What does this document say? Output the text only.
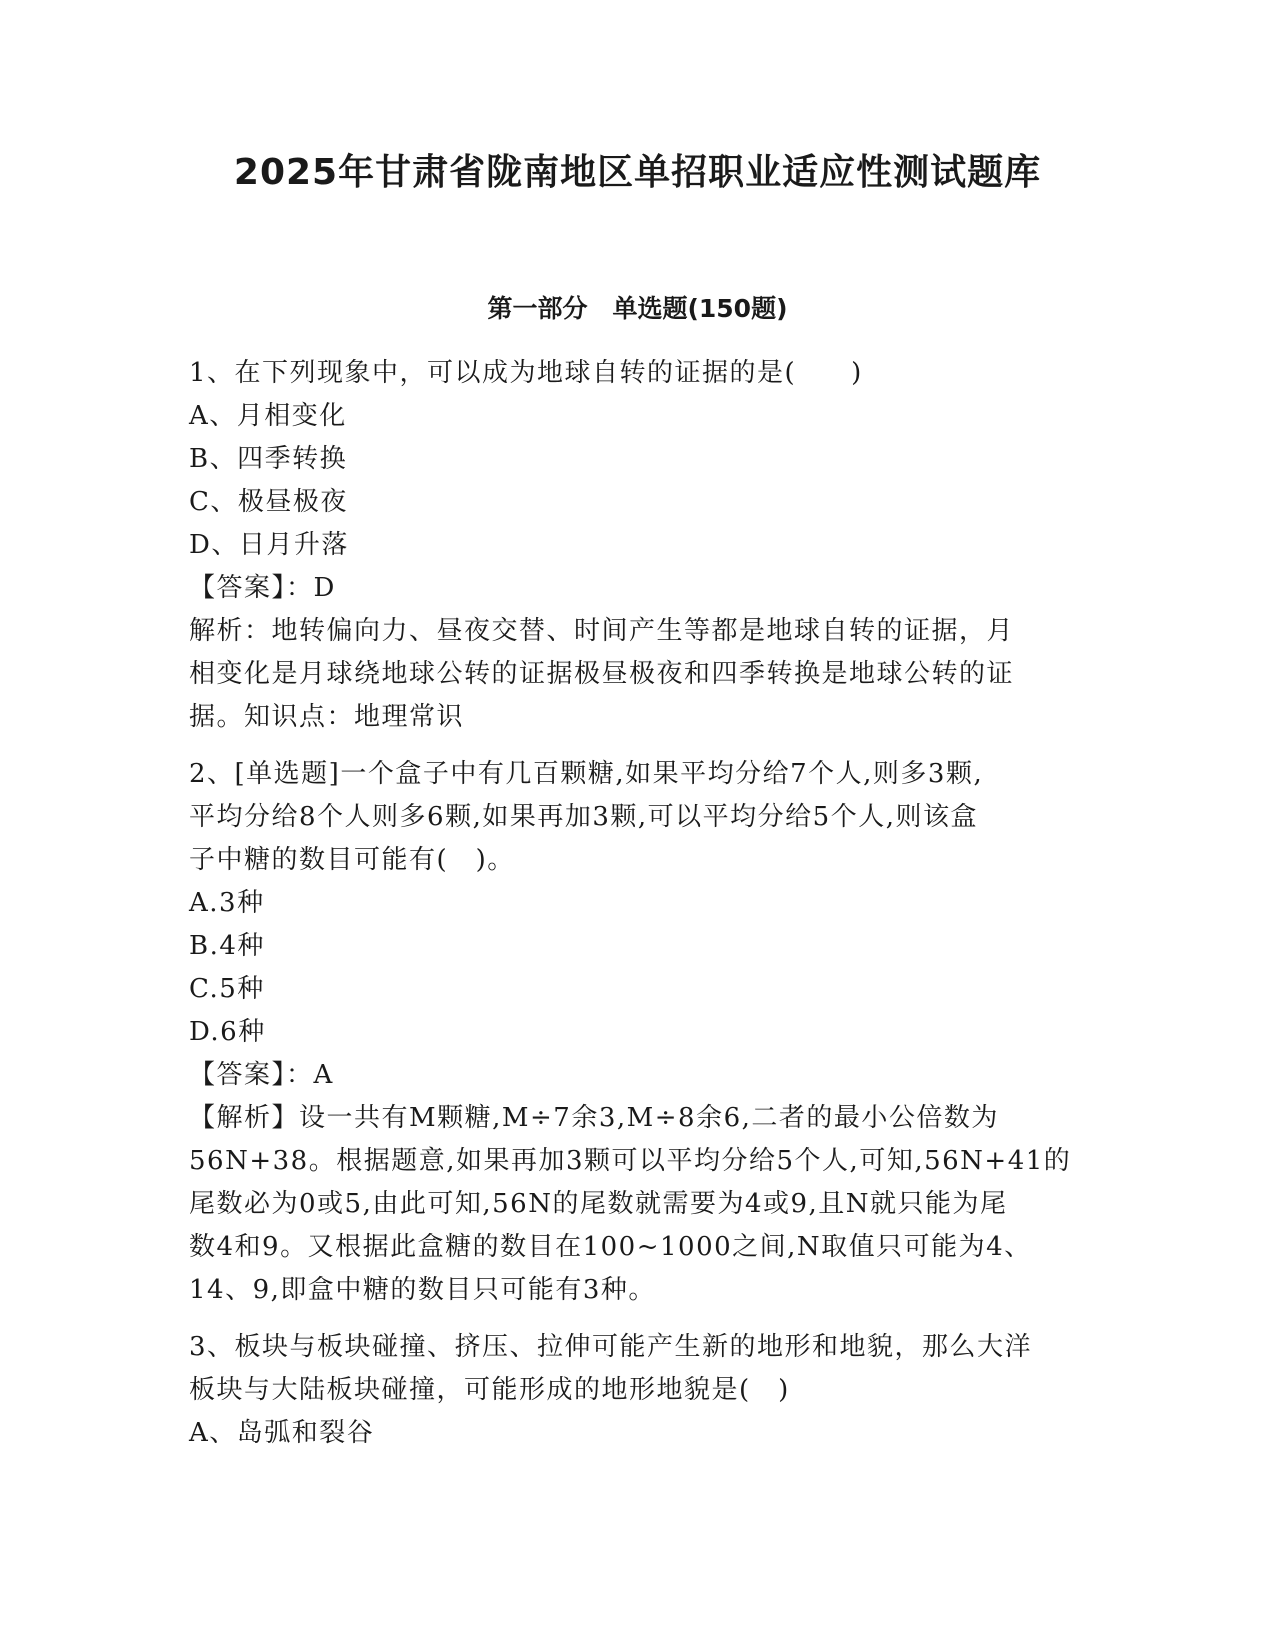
2025年甘肃省陇南地区单招职业适应性测试题库
第一部分　单选题(150题)
1、在下列现象中，可以成为地球自转的证据的是(　　)
A、月相变化
B、四季转换
C、极昼极夜
D、日月升落
【答案】：D
解析：地转偏向力、昼夜交替、时间产生等都是地球自转的证据，月
相变化是月球绕地球公转的证据极昼极夜和四季转换是地球公转的证
据。知识点：地理常识
2、[单选题]一个盒子中有几百颗糖,如果平均分给7个人,则多3颗,
平均分给8个人则多6颗,如果再加3颗,可以平均分给5个人,则该盒
子中糖的数目可能有(　)。
A.3种
B.4种
C.5种
D.6种
【答案】：A
【解析】设一共有M颗糖,M÷7余3,M÷8余6,二者的最小公倍数为
56N+38。根据题意,如果再加3颗可以平均分给5个人,可知,56N+41的
尾数必为0或5,由此可知,56N的尾数就需要为4或9,且N就只能为尾
数4和9。又根据此盒糖的数目在100~1000之间,N取值只可能为4、
14、9,即盒中糖的数目只可能有3种。
3、板块与板块碰撞、挤压、拉伸可能产生新的地形和地貌，那么大洋
板块与大陆板块碰撞，可能形成的地形地貌是(　)
A、岛弧和裂谷
